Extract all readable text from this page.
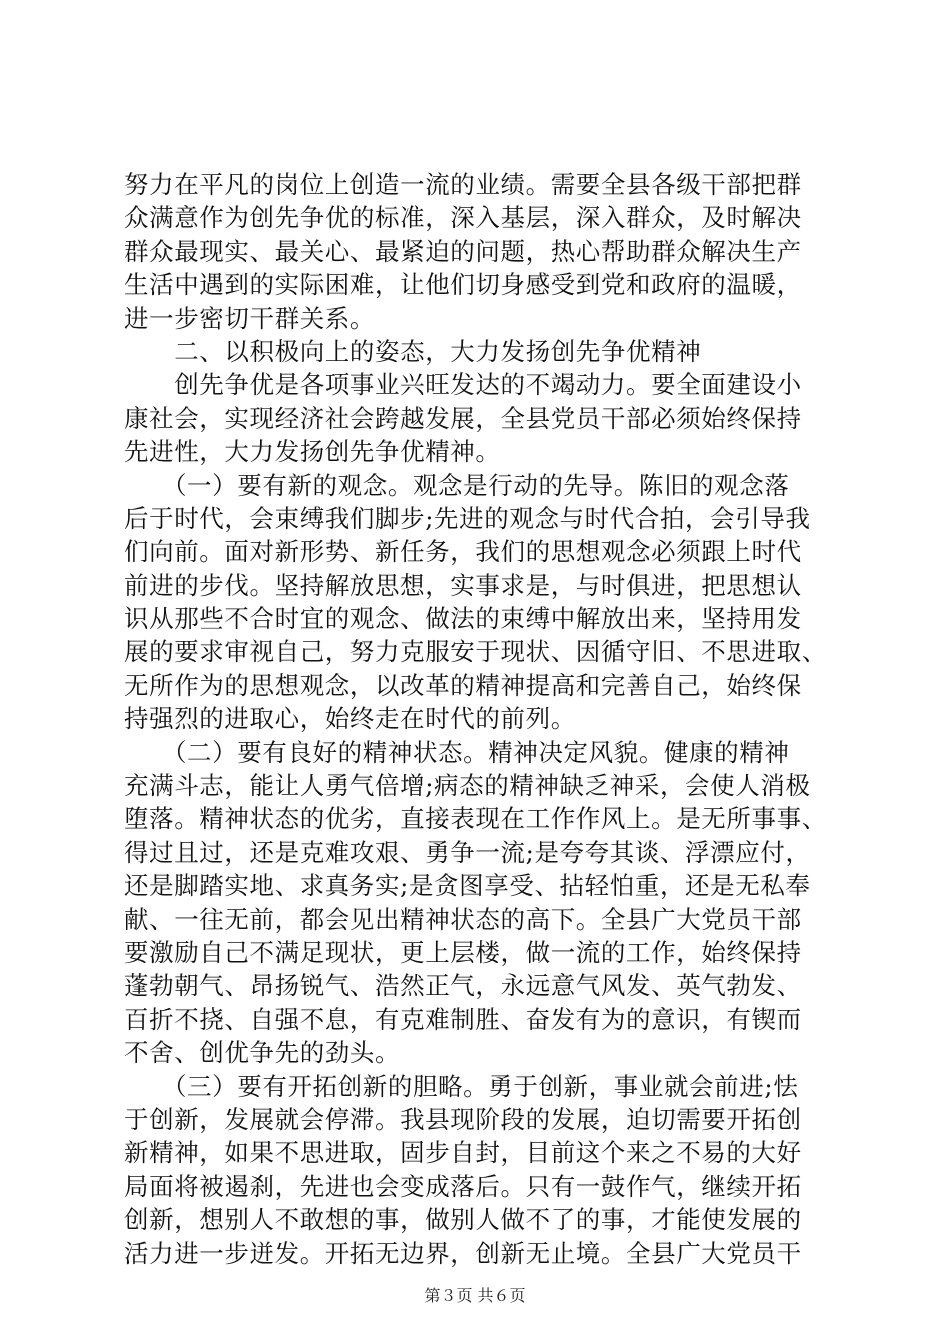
努力在平凡的岗位上创造一流的业绩。需要全县各级干部把群
众满意作为创先争优的标准，深入基层，深入群众，及时解决
群众最现实、最关心、最紧迫的问题，热心帮助群众解决生产
生活中遇到的实际困难，让他们切身感受到党和政府的温暖，
进一步密切干群关系。
　　二、以积极向上的姿态，大力发扬创先争优精神
　　创先争优是各项事业兴旺发达的不竭动力。要全面建设小
康社会，实现经济社会跨越发展，全县党员干部必须始终保持
先进性，大力发扬创先争优精神。
　　（一）要有新的观念。观念是行动的先导。陈旧的观念落
后于时代，会束缚我们脚步;先进的观念与时代合拍，会引导我
们向前。面对新形势、新任务，我们的思想观念必须跟上时代
前进的步伐。坚持解放思想，实事求是，与时俱进，把思想认
识从那些不合时宜的观念、做法的束缚中解放出来，坚持用发
展的要求审视自己，努力克服安于现状、因循守旧、不思进取、
无所作为的思想观念，以改革的精神提高和完善自己，始终保
持强烈的进取心，始终走在时代的前列。
　　（二）要有良好的精神状态。精神决定风貌。健康的精神
充满斗志，能让人勇气倍增;病态的精神缺乏神采，会使人消极
堕落。精神状态的优劣，直接表现在工作作风上。是无所事事、
得过且过，还是克难攻艰、勇争一流;是夸夸其谈、浮漂应付，
还是脚踏实地、求真务实;是贪图享受、拈轻怕重，还是无私奉
献、一往无前，都会见出精神状态的高下。全县广大党员干部
要激励自己不满足现状，更上层楼，做一流的工作，始终保持
蓬勃朝气、昂扬锐气、浩然正气，永远意气风发、英气勃发、
百折不挠、自强不息，有克难制胜、奋发有为的意识，有锲而
不舍、创优争先的劲头。
　　（三）要有开拓创新的胆略。勇于创新，事业就会前进;怯
于创新，发展就会停滞。我县现阶段的发展，迫切需要开拓创
新精神，如果不思进取，固步自封，目前这个来之不易的大好
局面将被遏刹，先进也会变成落后。只有一鼓作气，继续开拓
创新，想别人不敢想的事，做别人做不了的事，才能使发展的
活力进一步迸发。开拓无边界，创新无止境。全县广大党员干
第３页 共６页
